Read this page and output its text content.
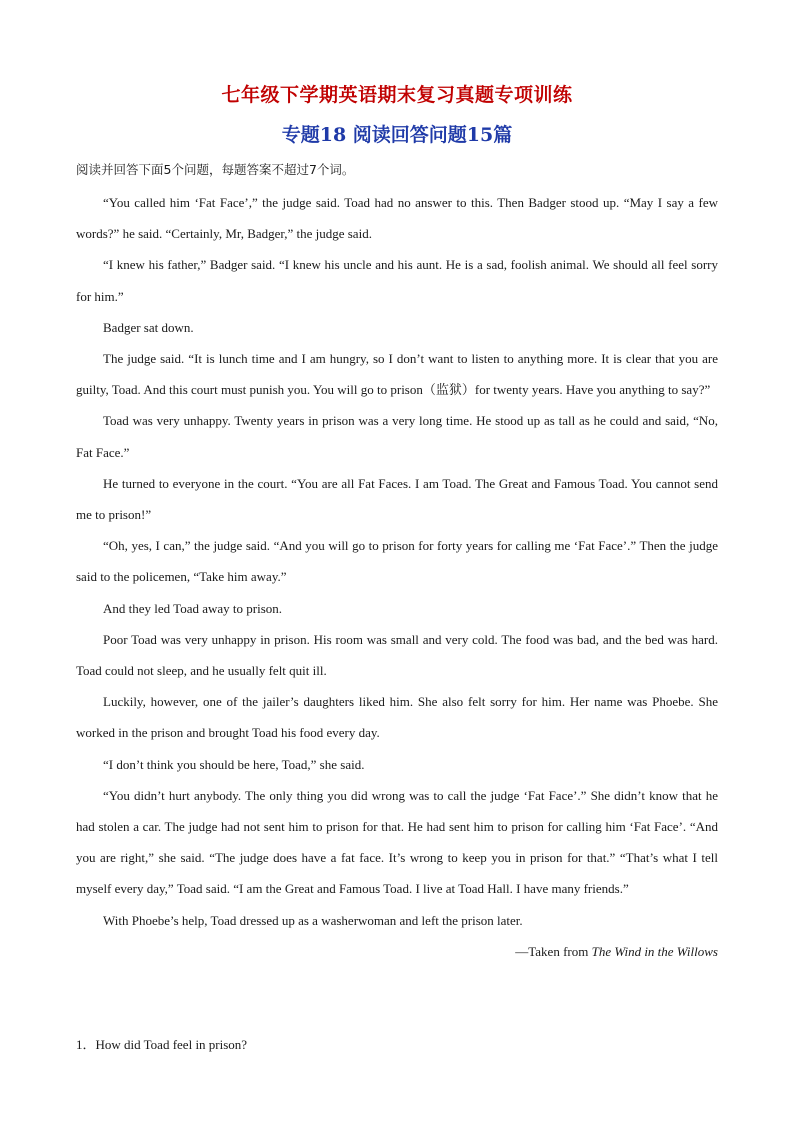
七年级下学期英语期末复习真题专项训练
专题18 阅读回答问题15篇
阅读并回答下面5个问题，每题答案不超过7个词。

“You called him ‘Fat Face’,” the judge said. Toad had no answer to this. Then Badger stood up. “May I say a few words?” he said. “Certainly, Mr, Badger,” the judge said.

“I knew his father,” Badger said. “I knew his uncle and his aunt. He is a sad, foolish animal. We should all feel sorry for him.”

Badger sat down.

The judge said. “It is lunch time and I am hungry, so I don’t want to listen to anything more. It is clear that you are guilty, Toad. And this court must punish you. You will go to prison（监狱）for twenty years. Have you anything to say?”

Toad was very unhappy. Twenty years in prison was a very long time. He stood up as tall as he could and said, “No, Fat Face.”

He turned to everyone in the court. “You are all Fat Faces. I am Toad. The Great and Famous Toad. You cannot send me to prison!”

“Oh, yes, I can,” the judge said. “And you will go to prison for forty years for calling me ‘Fat Face’.” Then the judge said to the policemen, “Take him away.”

And they led Toad away to prison.

Poor Toad was very unhappy in prison. His room was small and very cold. The food was bad, and the bed was hard. Toad could not sleep, and he usually felt quit ill.

Luckily, however, one of the jailer’s daughters liked him. She also felt sorry for him. Her name was Phoebe. She worked in the prison and brought Toad his food every day.

“I don’t think you should be here, Toad,” she said.

“You didn’t hurt anybody. The only thing you did wrong was to call the judge ‘Fat Face’.” She didn’t know that he had stolen a car. The judge had not sent him to prison for that. He had sent him to prison for calling him ‘Fat Face’. “And you are right,” she said. “The judge does have a fat face. It’s wrong to keep you in prison for that.” “That’s what I tell myself every day,” Toad said. “I am the Great and Famous Toad. I live at Toad Hall. I have many friends.”

With Phoebe’s help, Toad dressed up as a washerwoman and left the prison later.

—Taken from The Wind in the Willows

1．How did Toad feel in prison?
